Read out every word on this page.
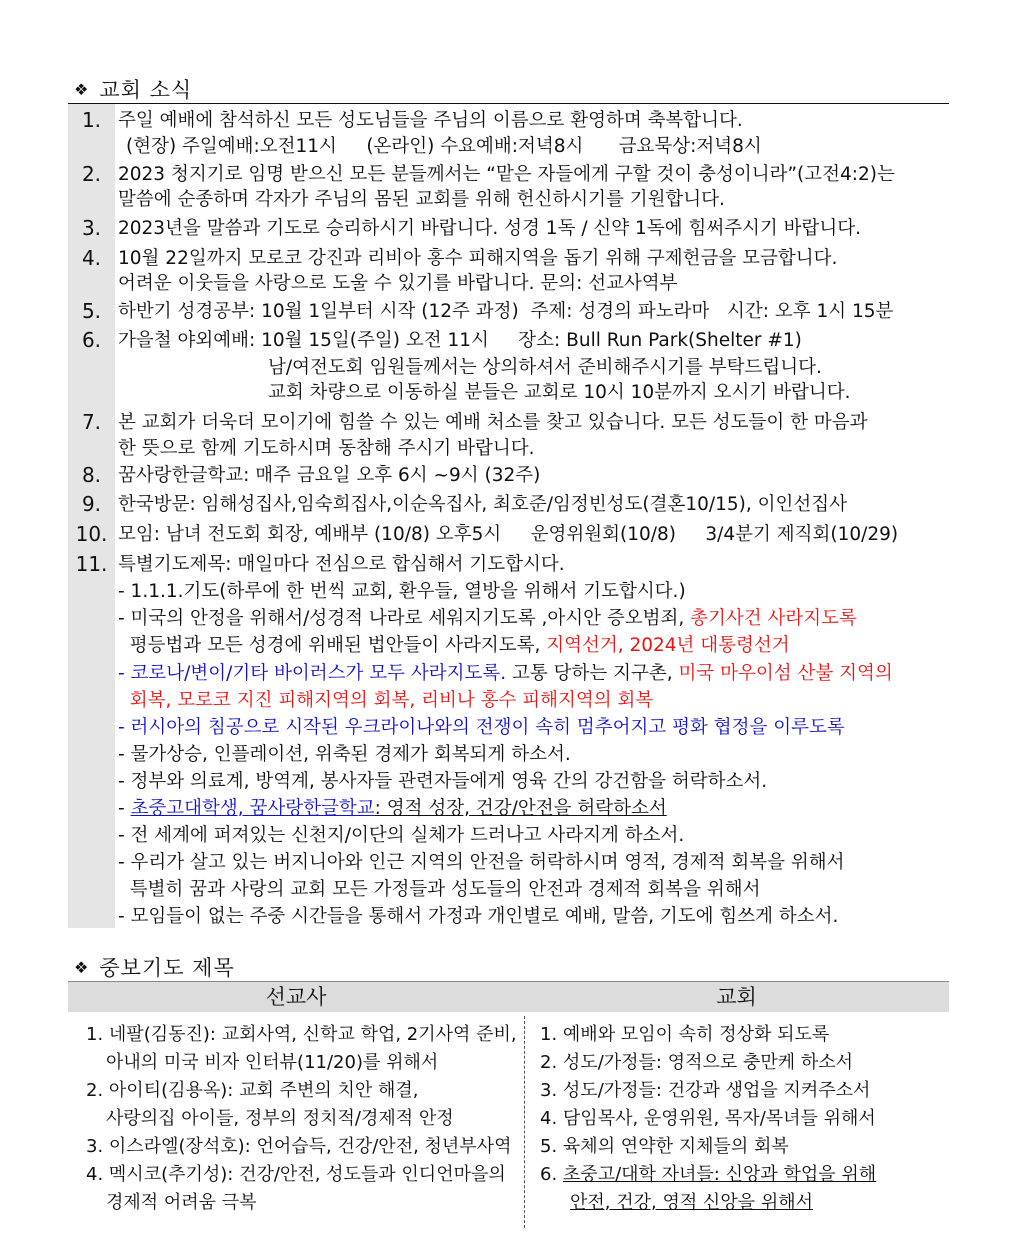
❖ 교회 소식
1. 주일 예배에 참석하신 모든 성도님들을 주님의 이름으로 환영하며 축복합니다.
(현장) 주일예배:오전11시     (온라인) 수요예배:저녁8시      금요묵상:저녁8시
2. 2023 청지기로 임명 받으신 모든 분들께서는 “맡은 자들에게 구할 것이 충성이니라”(고전4:2)는
말씀에 순종하며 각자가 주님의 몸된 교회를 위해 헌신하시기를 기원합니다.
3. 2023년을 말씀과 기도로 승리하시기 바랍니다. 성경 1독 / 신약 1독에 힘써주시기 바랍니다.
4. 10월 22일까지 모로코 강진과 리비아 홍수 피해지역을 돕기 위해 구제헌금을 모금합니다.
어려운 이웃들을 사랑으로 도울 수 있기를 바랍니다. 문의: 선교사역부
5. 하반기 성경공부: 10월 1일부터 시작 (12주 과정)  주제: 성경의 파노라마   시간: 오후 1시 15분
6. 가을철 야외예배: 10월 15일(주일) 오전 11시     장소: Bull Run Park(Shelter #1)
남/여전도회 임원들께서는 상의하셔서 준비해주시기를 부탁드립니다.
교회 차량으로 이동하실 분들은 교회로 10시 10분까지 오시기 바랍니다.
7. 본 교회가 더욱더 모이기에 힘쓸 수 있는 예배 처소를 찾고 있습니다. 모든 성도들이 한 마음과
한 뜻으로 함께 기도하시며 동참해 주시기 바랍니다.
8. 꿈사랑한글학교: 매주 금요일 오후 6시 ~9시 (32주)
9. 한국방문: 임해성집사,임숙희집사,이순옥집사, 최호준/임정빈성도(결혼10/15), 이인선집사
10. 모임: 남녀 전도회 회장, 예배부 (10/8) 오후5시     운영위원회(10/8)     3/4분기 제직회(10/29)
11. 특별기도제목: 매일마다 전심으로 합심해서 기도합시다.
- 1.1.1.기도(하루에 한 번씩 교회, 환우들, 열방을 위해서 기도합시다.)
- 미국의 안정을 위해서/성경적 나라로 세워지기도록 ,아시안 증오범죄, 총기사건 사라지도록
평등법과 모든 성경에 위배된 법안들이 사라지도록, 지역선거, 2024년 대통령선거
- 코로나/변이/기타 바이러스가 모두 사라지도록. 고통 당하는 지구촌, 미국 마우이섬 산불 지역의
회복, 모로코 지진 피해지역의 회복, 리비나 홍수 피해지역의 회복
- 러시아의 침공으로 시작된 우크라이나와의 전쟁이 속히 멈추어지고 평화 협정을 이루도록
- 물가상승, 인플레이션, 위축된 경제가 회복되게 하소서.
- 정부와 의료계, 방역계, 봉사자들 관련자들에게 영육 간의 강건함을 허락하소서.
- 초중고대학생, 꿈사랑한글학교: 영적 성장, 건강/안전을 허락하소서
- 전 세계에 퍼져있는 신천지/이단의 실체가 드러나고 사라지게 하소서.
- 우리가 살고 있는 버지니아와 인근 지역의 안전을 허락하시며 영적, 경제적 회복을 위해서
특별히 꿈과 사랑의 교회 모든 가정들과 성도들의 안전과 경제적 회복을 위해서
- 모임들이 없는 주중 시간들을 통해서 가정과 개인별로 예배, 말씀, 기도에 힘쓰게 하소서.
❖ 중보기도 제목
선교사	교회
1. 네팔(김동진): 교회사역, 신학교 학업, 2기사역 준비,
아내의 미국 비자 인터뷰(11/20)를 위해서
2. 아이티(김용옥): 교회 주변의 치안 해결,
사랑의집 아이들, 정부의 정치적/경제적 안정
3. 이스라엘(장석호): 언어습득, 건강/안전, 청년부사역
4. 멕시코(추기성): 건강/안전, 성도들과 인디언마을의
경제적 어려움 극복
1. 예배와 모임이 속히 정상화 되도록
2. 성도/가정들: 영적으로 충만케 하소서
3. 성도/가정들: 건강과 생업을 지켜주소서
4. 담임목사, 운영위원, 목자/목녀들 위해서
5. 육체의 연약한 지체들의 회복
6. 초중고/대학 자녀들: 신앙과 학업을 위해
안전, 건강, 영적 신앙을 위해서
